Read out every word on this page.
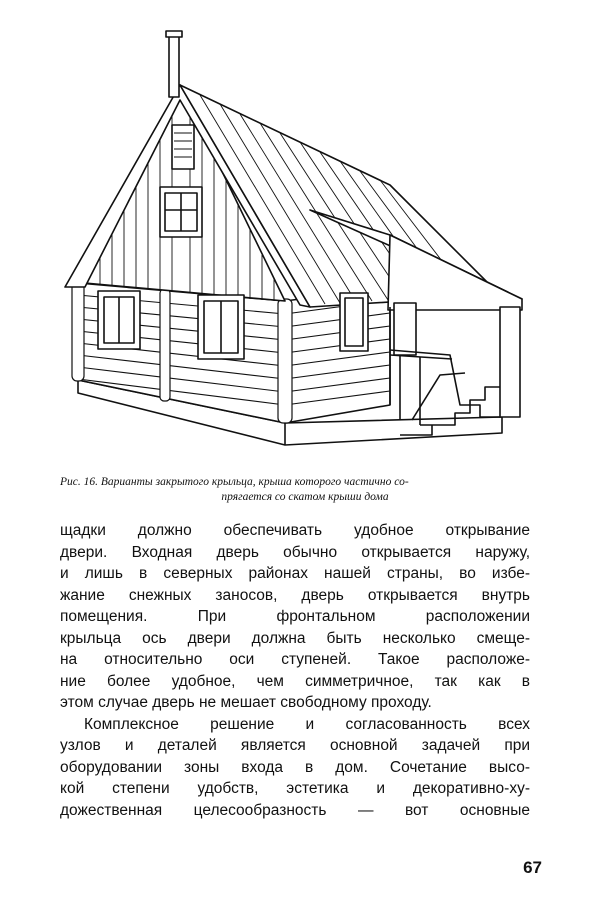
Рис. 16. Варианты закрытого крыльца, крыша которого частично со-
прягается со скатом крыши дома
щадки должно обеспечивать удобное открывание
двери. Входная дверь обычно открывается наружу,
и лишь в северных районах нашей страны, во избе-
жание снежных заносов, дверь открывается внутрь
помещения. При фронтальном расположении
крыльца ось двери должна быть несколько смеще-
на относительно оси ступеней. Такое расположе-
ние более удобное, чем симметричное, так как в
этом случае дверь не мешает свободному проходу.
Комплексное решение и согласованность всех
узлов и деталей является основной задачей при
оборудовании зоны входа в дом. Сочетание высо-
кой степени удобств, эстетика и декоративно-ху-
дожественная целесообразность — вот основные
67
